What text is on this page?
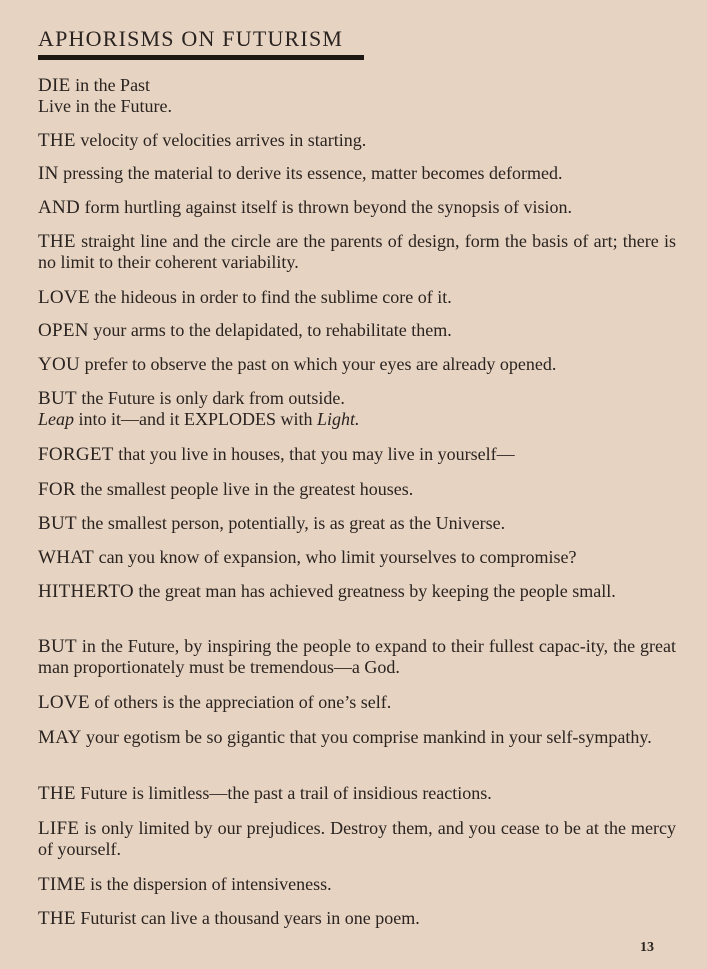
APHORISMS ON FUTURISM

DIE in the Past
Live in the Future.

THE velocity of velocities arrives in starting.

IN pressing the material to derive its essence, matter becomes deformed.

AND form hurtling against itself is thrown beyond the synopsis of vision.

THE straight line and the circle are the parents of design, form the basis of art; there is no limit to their coherent variability.

LOVE the hideous in order to find the sublime core of it.

OPEN your arms to the delapidated, to rehabilitate them.

YOU prefer to observe the past on which your eyes are already opened.

BUT the Future is only dark from outside.
Leap into it—and it EXPLODES with Light.

FORGET that you live in houses, that you may live in yourself—

FOR the smallest people live in the greatest houses.

BUT the smallest person, potentially, is as great as the Universe.

WHAT can you know of expansion, who limit yourselves to compromise?

HITHERTO the great man has achieved greatness by keeping the people small.

BUT in the Future, by inspiring the people to expand to their fullest capac-ity, the great man proportionately must be tremendous—a God.

LOVE of others is the appreciation of one’s self.

MAY your egotism be so gigantic that you comprise mankind in your self-sympathy.

THE Future is limitless—the past a trail of insidious reactions.

LIFE is only limited by our prejudices. Destroy them, and you cease to be at the mercy of yourself.

TIME is the dispersion of intensiveness.

THE Futurist can live a thousand years in one poem.

13
